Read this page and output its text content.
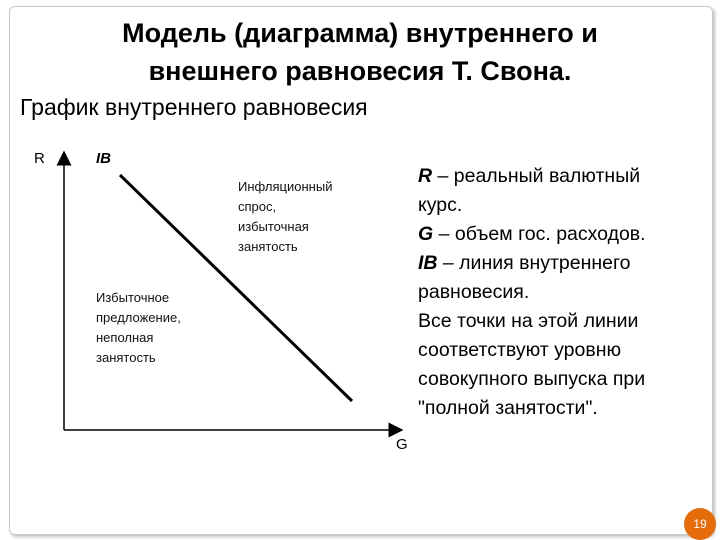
Модель (диаграмма) внутреннего и
внешнего равновесия Т. Свона.
График внутреннего равновесия
R
G
IB
Инфляционный
спрос,
избыточная
занятость
Избыточное
предложение,
неполная
занятость
R – реальный валютный
курс.
G – объем гос. расходов.
IB – линия внутреннего
равновесия.
Все точки на этой линии
соответствуют уровню
совокупного выпуска при
"полной занятости".
19
